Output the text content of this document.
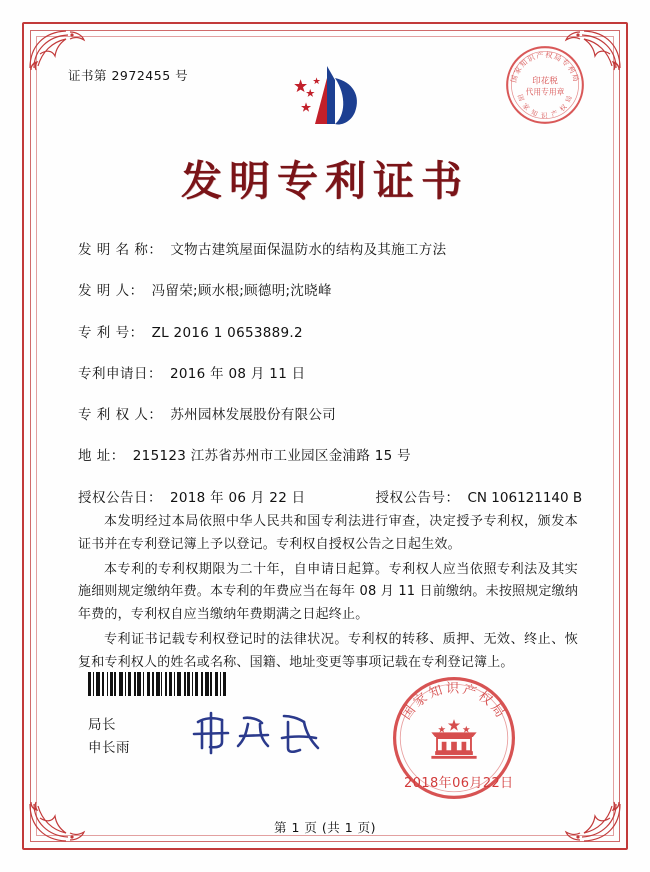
证书第 2972455 号	国家知识产权局专利局
印花税
代用专用章
国 家 知 识 产 权 局
发明专利证书
发 明 名 称： 文物古建筑屋面保温防水的结构及其施工方法
发 明 人： 冯留荣;顾水根;顾德明;沈晓峰
专 利 号： ZL 2016 1 0653889.2
专利申请日： 2016 年 08 月 11 日
专 利 权 人： 苏州园林发展股份有限公司
地 址： 215123 江苏省苏州市工业园区金浦路 15 号
授权公告日： 2018 年 06 月 22 日	授权公告号： CN 106121140 B

本发明经过本局依照中华人民共和国专利法进行审查，决定授予专利权，颁发本证书并在专利登记簿上予以登记。专利权自授权公告之日起生效。

本专利的专利权期限为二十年，自申请日起算。专利权人应当依照专利法及其实施细则规定缴纳年费。本专利的年费应当在每年 08 月 11 日前缴纳。未按照规定缴纳年费的，专利权自应当缴纳年费期满之日起终止。

专利证书记载专利权登记时的法律状况。专利权的转移、质押、无效、终止、恢复和专利权人的姓名或名称、国籍、地址变更等事项记载在专利登记簿上。

局长
申长雨
国家知识产权局
2018年06月22日
第 1 页 (共 1 页)
